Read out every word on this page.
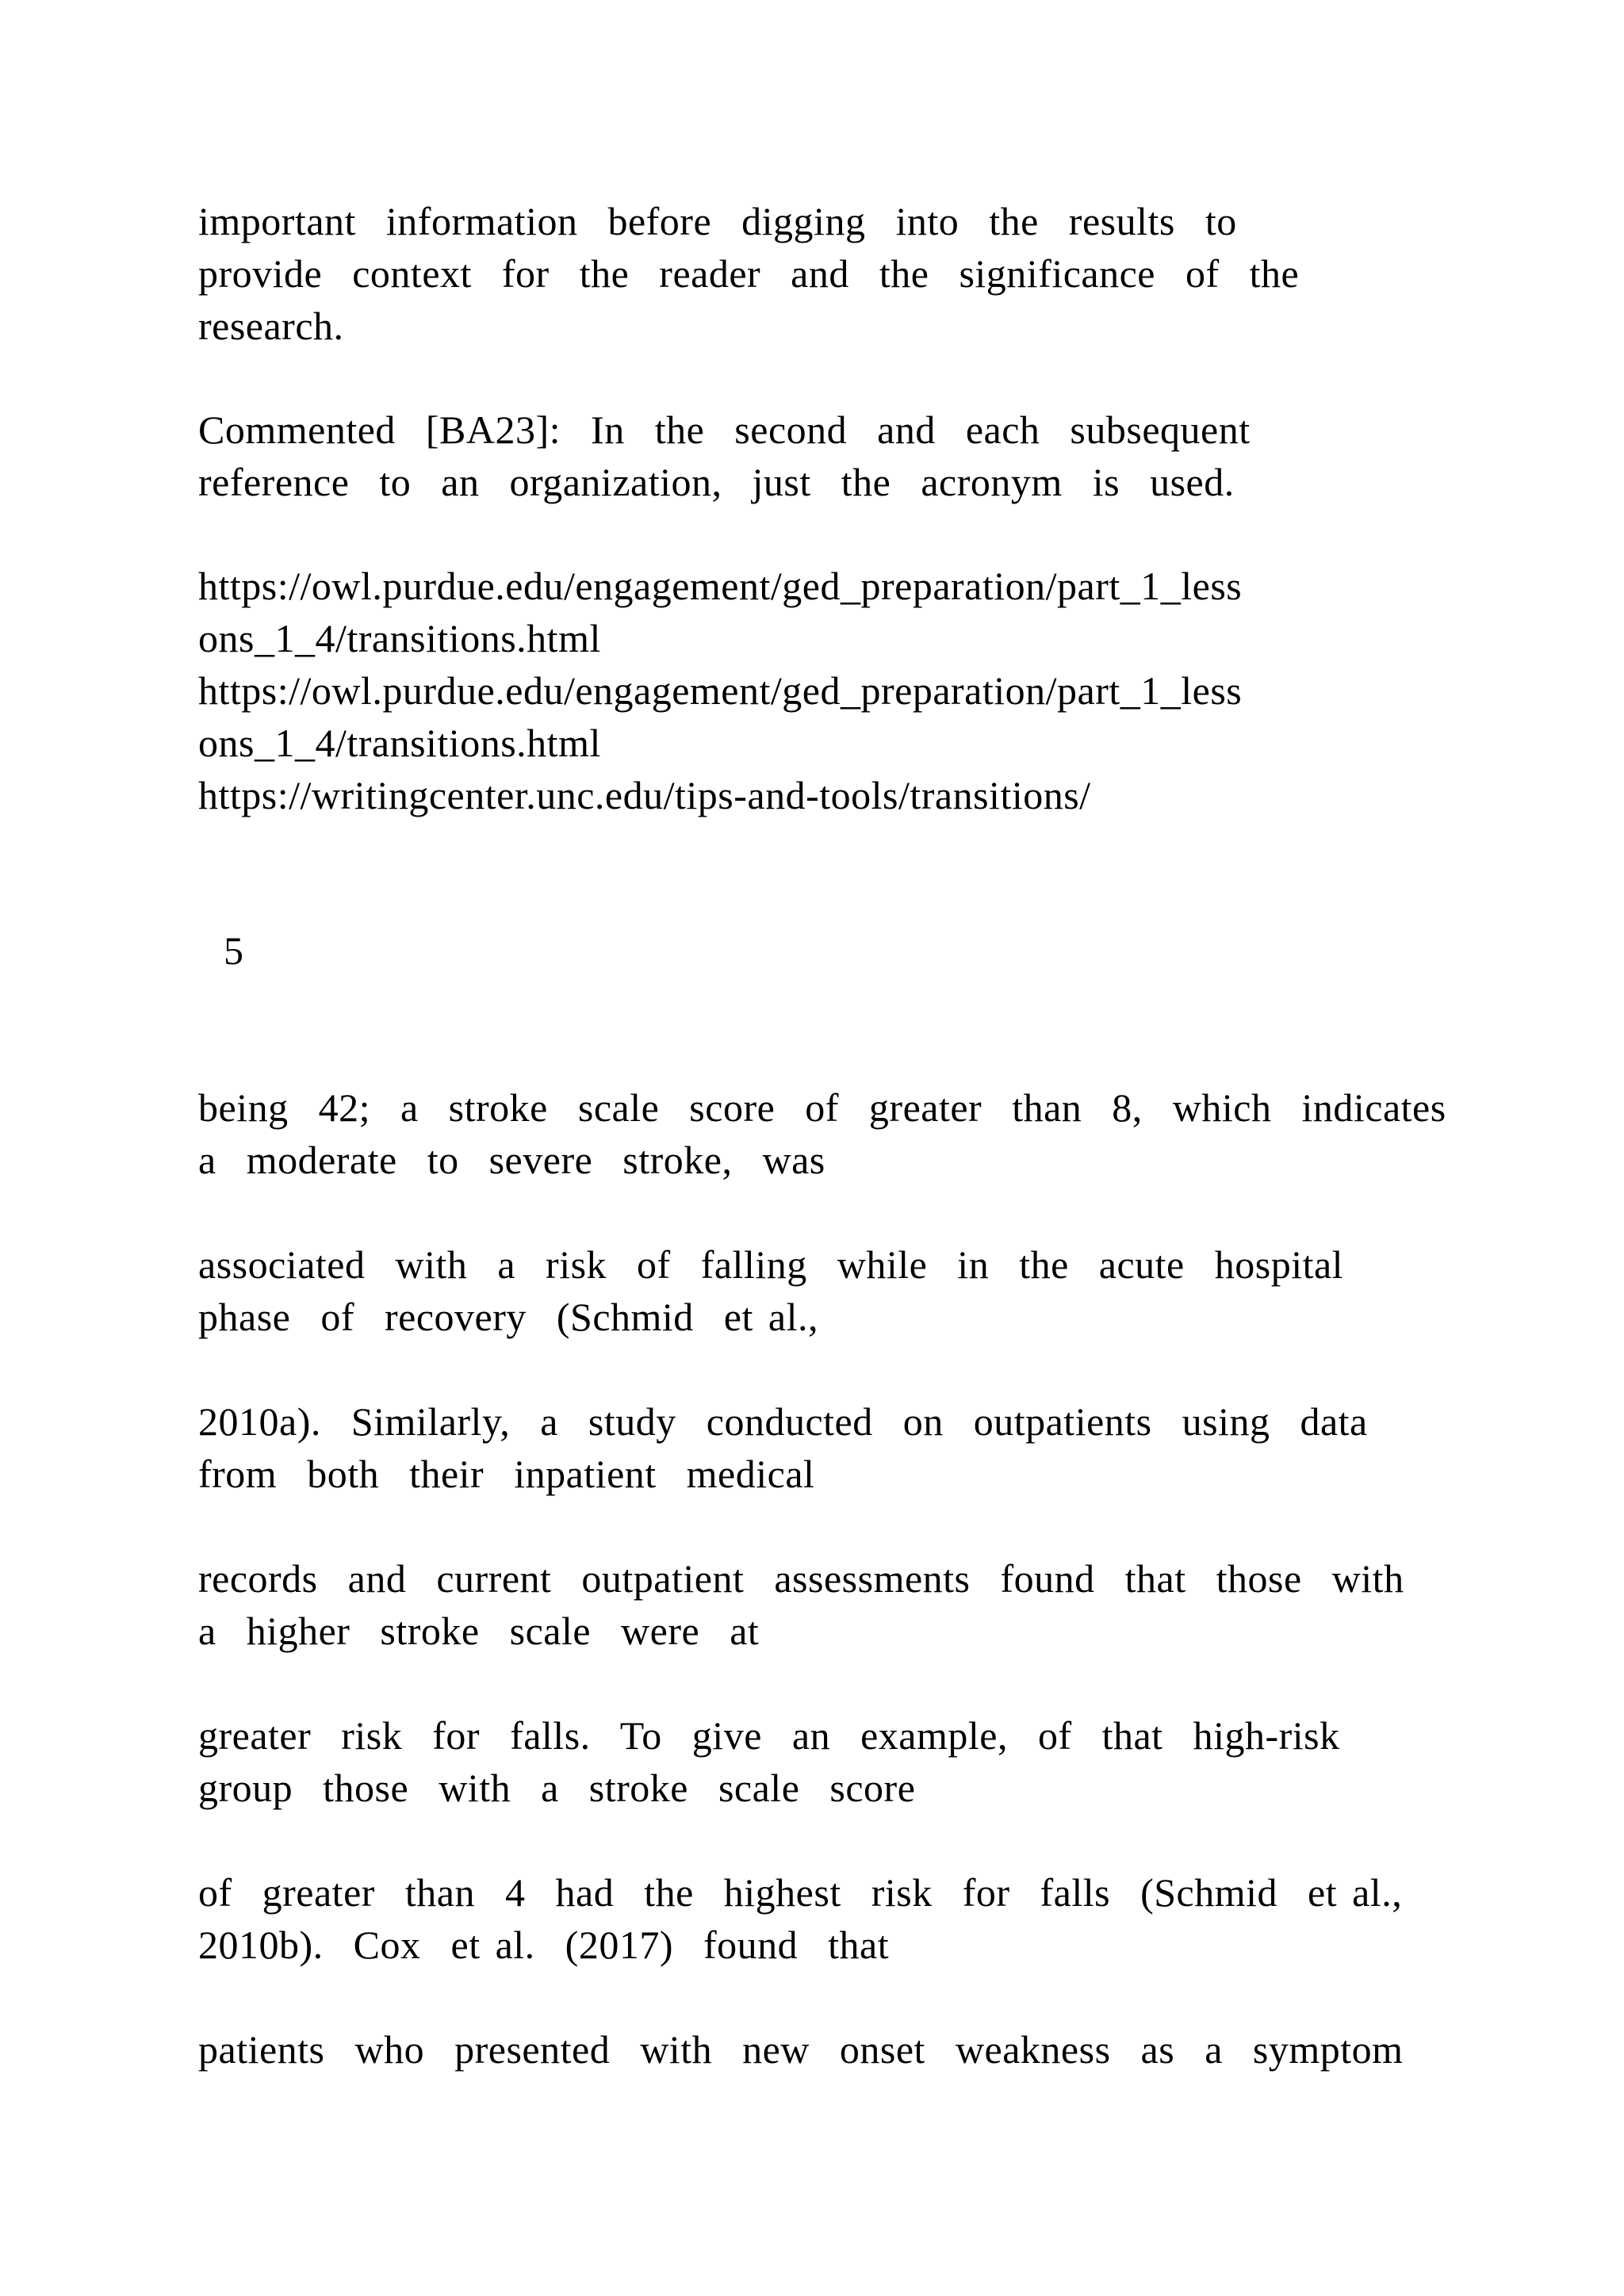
important  information  before  digging  into  the  results  to
provide  context  for  the  reader  and  the  significance  of  the
research.
Commented  [BA23]:  In  the  second  and  each  subsequent
reference  to  an  organization,  just  the  acronym  is  used.
https://owl.purdue.edu/engagement/ged_preparation/part_1_less
ons_1_4/transitions.html
https://owl.purdue.edu/engagement/ged_preparation/part_1_less
ons_1_4/transitions.html
https://writingcenter.unc.edu/tips-and-tools/transitions/
5
being  42;  a  stroke  scale  score  of  greater  than  8,  which  indicates
a  moderate  to  severe  stroke,  was
associated  with  a  risk  of  falling  while  in  the  acute  hospital
phase  of  recovery  (Schmid  et al.,
2010a).  Similarly,  a  study  conducted  on  outpatients  using  data
from  both  their  inpatient  medical
records  and  current  outpatient  assessments  found  that  those  with
a  higher  stroke  scale  were  at
greater  risk  for  falls.  To  give  an  example,  of  that  high-risk
group  those  with  a  stroke  scale  score
of  greater  than  4  had  the  highest  risk  for  falls  (Schmid  et al.,
2010b).  Cox  et al.  (2017)  found  that
patients  who  presented  with  new  onset  weakness  as  a  symptom
